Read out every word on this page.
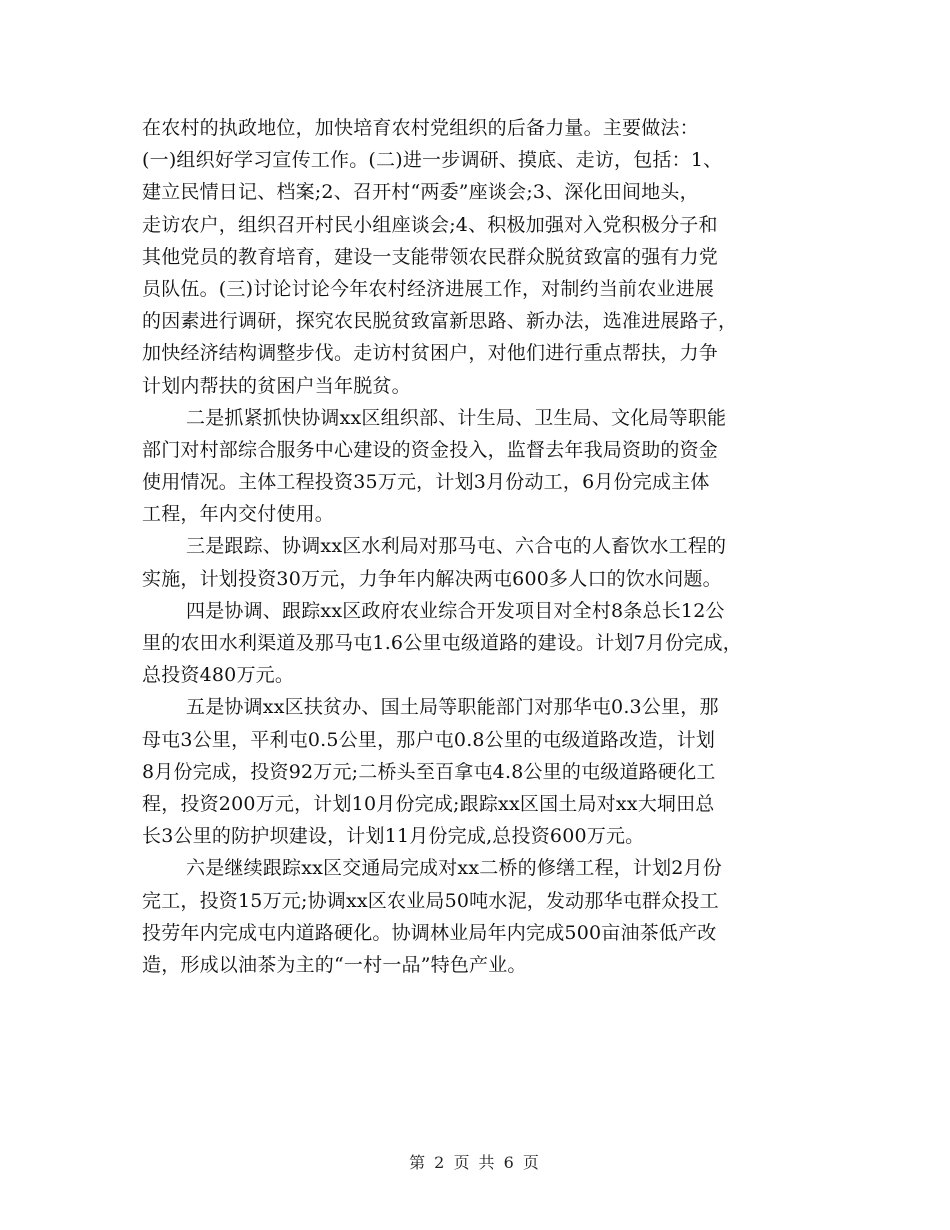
在农村的执政地位，加快培育农村党组织的后备力量。主要做法：
(一)组织好学习宣传工作。(二)进一步调研、摸底、走访，包括：1、
建立民情日记、档案;2、召开村“两委”座谈会;3、深化田间地头，
走访农户，组织召开村民小组座谈会;4、积极加强对入党积极分子和
其他党员的教育培育，建设一支能带领农民群众脱贫致富的强有力党
员队伍。(三)讨论讨论今年农村经济进展工作，对制约当前农业进展
的因素进行调研，探究农民脱贫致富新思路、新办法，选准进展路子，
加快经济结构调整步伐。走访村贫困户，对他们进行重点帮扶，力争
计划内帮扶的贫困户当年脱贫。
二是抓紧抓快协调xx区组织部、计生局、卫生局、文化局等职能
部门对村部综合服务中心建设的资金投入，监督去年我局资助的资金
使用情况。主体工程投资35万元，计划3月份动工，6月份完成主体
工程，年内交付使用。
三是跟踪、协调xx区水利局对那马屯、六合屯的人畜饮水工程的
实施，计划投资30万元，力争年内解决两屯600多人口的饮水问题。
四是协调、跟踪xx区政府农业综合开发项目对全村8条总长12公
里的农田水利渠道及那马屯1.6公里屯级道路的建设。计划7月份完成，
总投资480万元。
五是协调xx区扶贫办、国土局等职能部门对那华屯0.3公里，那
母屯3公里，平利屯0.5公里，那户屯0.8公里的屯级道路改造，计划
8月份完成，投资92万元;二桥头至百拿屯4.8公里的屯级道路硬化工
程，投资200万元，计划10月份完成;跟踪xx区国土局对xx大垌田总
长3公里的防护坝建设，计划11月份完成,总投资600万元。
六是继续跟踪xx区交通局完成对xx二桥的修缮工程，计划2月份
完工，投资15万元;协调xx区农业局50吨水泥，发动那华屯群众投工
投劳年内完成屯内道路硬化。协调林业局年内完成500亩油茶低产改
造，形成以油茶为主的“一村一品”特色产业。
第 2 页 共 6 页
